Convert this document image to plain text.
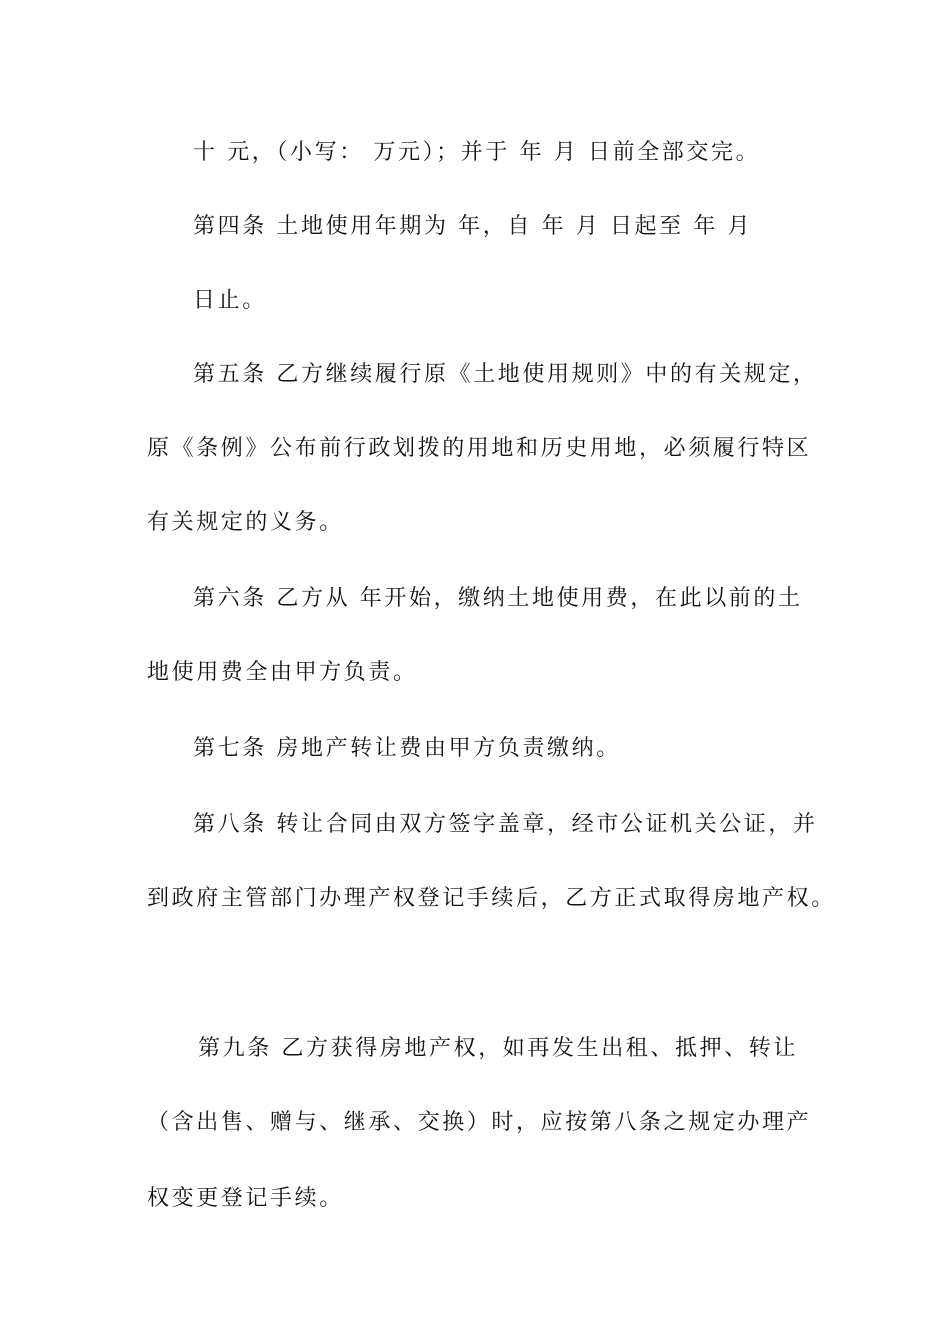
十 元，（小写： 万元）；并于 年 月 日前全部交完。
第四条 土地使用年期为 年，自 年 月 日起至 年 月
日止。
第五条 乙方继续履行原《土地使用规则》中的有关规定，
原《条例》公布前行政划拨的用地和历史用地，必须履行特区
有关规定的义务。
第六条 乙方从 年开始，缴纳土地使用费，在此以前的土
地使用费全由甲方负责。
第七条 房地产转让费由甲方负责缴纳。
第八条 转让合同由双方签字盖章，经市公证机关公证，并
到政府主管部门办理产权登记手续后，乙方正式取得房地产权。
第九条 乙方获得房地产权，如再发生出租、抵押、转让
（含出售、赠与、继承、交换）时，应按第八条之规定办理产
权变更登记手续。
